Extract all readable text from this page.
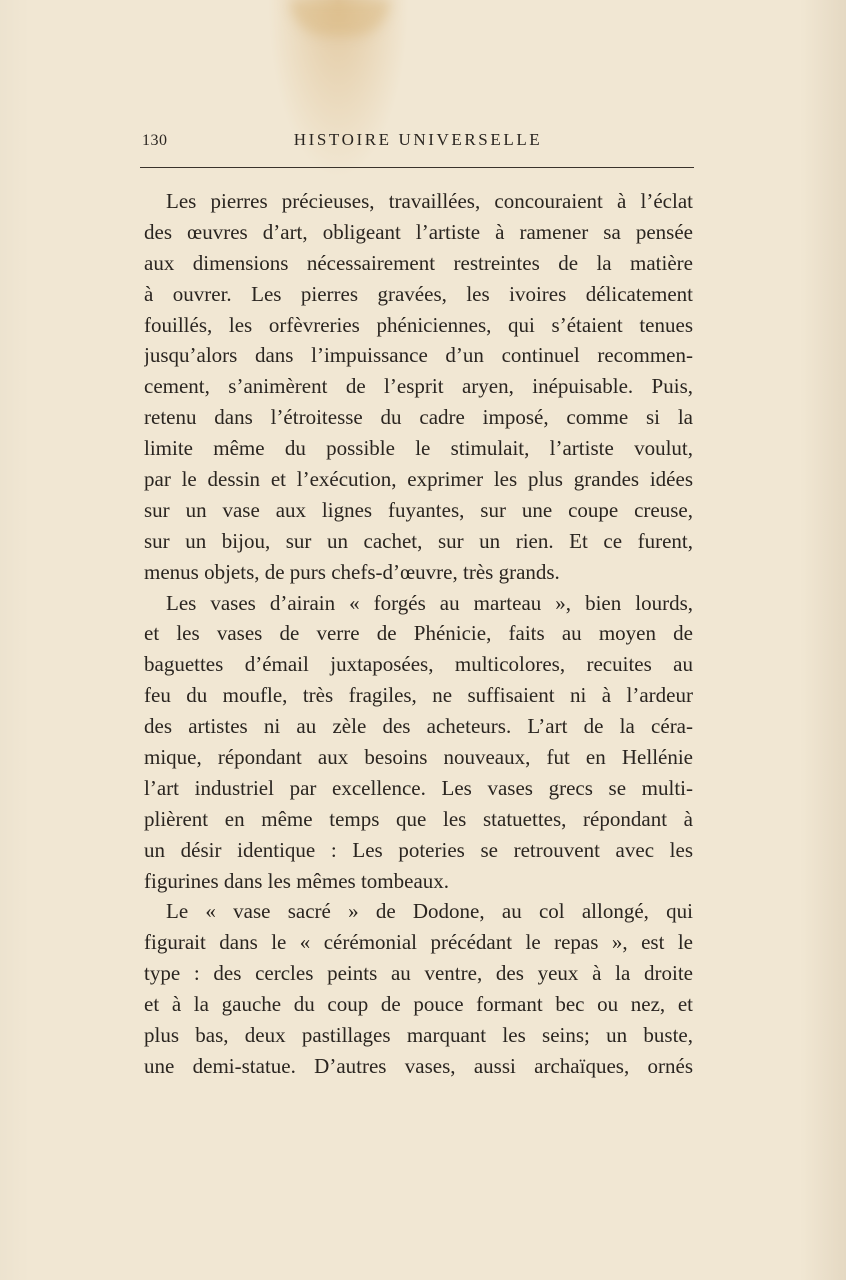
130	HISTOIRE UNIVERSELLE
Les pierres précieuses, travaillées, concouraient à l’éclat
des œuvres d’art, obligeant l’artiste à ramener sa pensée
aux dimensions nécessairement restreintes de la matière
à ouvrer. Les pierres gravées, les ivoires délicatement
fouillés, les orfèvreries phéniciennes, qui s’étaient tenues
jusqu’alors dans l’impuissance d’un continuel recommen-
cement, s’animèrent de l’esprit aryen, inépuisable. Puis,
retenu dans l’étroitesse du cadre imposé, comme si la
limite même du possible le stimulait, l’artiste voulut,
par le dessin et l’exécution, exprimer les plus grandes idées
sur un vase aux lignes fuyantes, sur une coupe creuse,
sur un bijou, sur un cachet, sur un rien. Et ce furent,
menus objets, de purs chefs-d’œuvre, très grands.
Les vases d’airain « forgés au marteau », bien lourds,
et les vases de verre de Phénicie, faits au moyen de
baguettes d’émail juxtaposées, multicolores, recuites au
feu du moufle, très fragiles, ne suffisaient ni à l’ardeur
des artistes ni au zèle des acheteurs. L’art de la céra-
mique, répondant aux besoins nouveaux, fut en Hellénie
l’art industriel par excellence. Les vases grecs se multi-
plièrent en même temps que les statuettes, répondant à
un désir identique : Les poteries se retrouvent avec les
figurines dans les mêmes tombeaux.
Le « vase sacré » de Dodone, au col allongé, qui
figurait dans le « cérémonial précédant le repas », est le
type : des cercles peints au ventre, des yeux à la droite
et à la gauche du coup de pouce formant bec ou nez, et
plus bas, deux pastillages marquant les seins; un buste,
une demi-statue. D’autres vases, aussi archaïques, ornés
